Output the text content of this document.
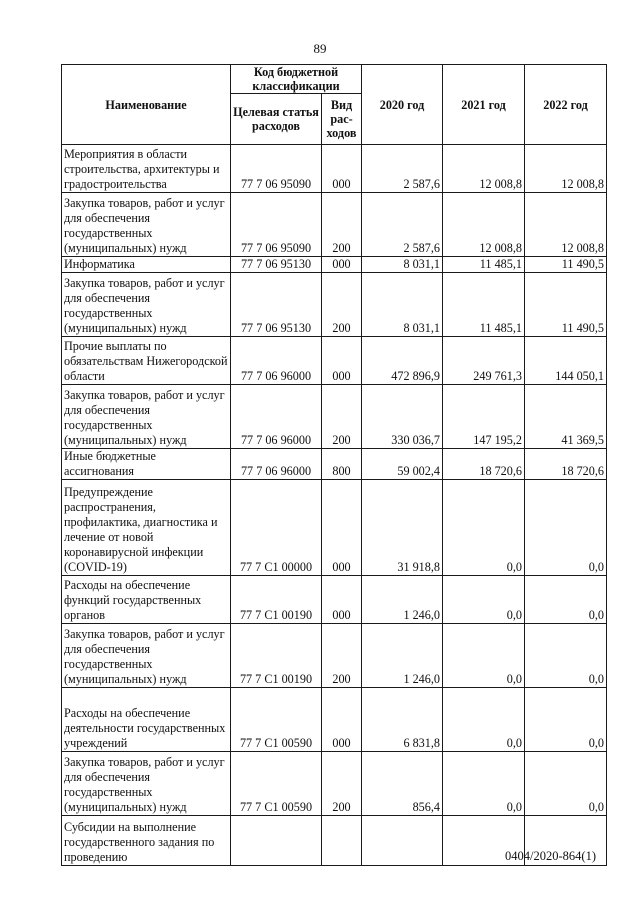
89
Наименование	Код бюджетной классификации		2020 год	2021 год	2022 год
	Целевая статья расходов	Вид рас-ходов			
Мероприятия в области строительства, архитектуры и градостроительства	77 7 06 95090	000	2 587,6	12 008,8	12 008,8
Закупка товаров, работ и услуг для обеспечения государственных (муниципальных) нужд	77 7 06 95090	200	2 587,6	12 008,8	12 008,8
Информатика	77 7 06 95130	000	8 031,1	11 485,1	11 490,5
Закупка товаров, работ и услуг для обеспечения государственных (муниципальных) нужд	77 7 06 95130	200	8 031,1	11 485,1	11 490,5
Прочие выплаты по обязательствам Нижегородской области	77 7 06 96000	000	472 896,9	249 761,3	144 050,1
Закупка товаров, работ и услуг для обеспечения государственных (муниципальных) нужд	77 7 06 96000	200	330 036,7	147 195,2	41 369,5
Иные бюджетные ассигнования	77 7 06 96000	800	59 002,4	18 720,6	18 720,6
Предупреждение распространения, профилактика, диагностика и лечение от новой коронавирусной инфекции (COVID-19)	77 7 C1 00000	000	31 918,8	0,0	0,0
Расходы на обеспечение функций государственных органов	77 7 C1 00190	000	1 246,0	0,0	0,0
Закупка товаров, работ и услуг для обеспечения государственных (муниципальных) нужд	77 7 C1 00190	200	1 246,0	0,0	0,0
Расходы на обеспечение деятельности государственных учреждений	77 7 C1 00590	000	6 831,8	0,0	0,0
Закупка товаров, работ и услуг для обеспечения государственных (муниципальных) нужд	77 7 C1 00590	200	856,4	0,0	0,0
Субсидии на выполнение государственного задания по проведению						0404/2020-864(1)
